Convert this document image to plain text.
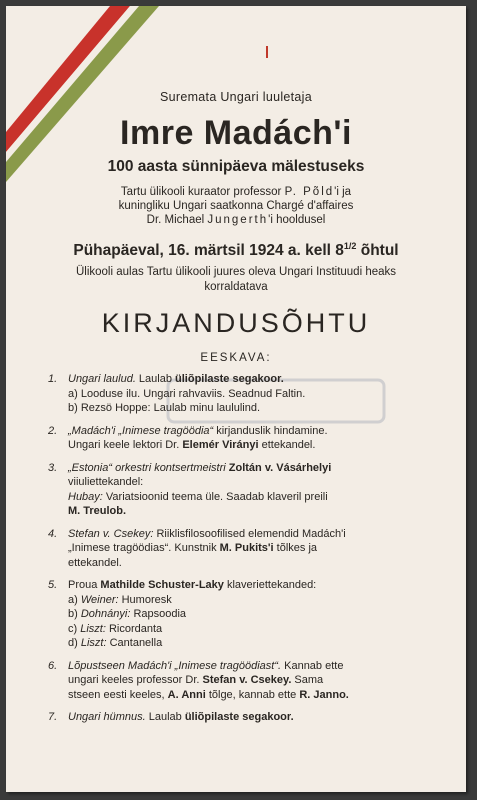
Suremata Ungari luuletaja
Imre Madách'i
100 aasta sünnipäeva mälestuseks
Tartu ülikooli kuraator professor P. Põld'i ja
kuningliku Ungari saatkonna Chargé d'affaires
Dr. Michael Jungerth'i hooldusel
Pühapäeval, 16. märtsil 1924 a. kell $8^{1/2}$ õhtul
Ülikooli aulas Tartu ülikooli juures oleva Ungari Instituudi heaks
korraldatava
KIRJANDUSÕHTU
EESKAVA:
1. Ungari laulud. Laulab üliõpilaste segakoor.
a) Looduse ilu. Ungari rahvaviis. Seadnud Faltin.
b) Rezsö Hoppe: Laulab minu laululind.
2. „Madách'i „Inimese tragöödia“ kirjanduslik hindamine.
Ungari keele lektori Dr. Elemér Virányi ettekandel.
3. „Estonia“ orkestri kontsertmeistri Zoltán v. Vásárhelyi
viiuliettekandel:
Hubay: Variatsioonid teema üle. Saadab klaveril preili
M. Treulob.
4. Stefan v. Csekey: Riiklisfilosoofilised elemendid Madách'i
„Inimese tragöödias“. Kunstnik M. Pukits'i tõlkes ja
ettekandel.
5. Proua Mathilde Schuster-Laky klaveriettekanded:
a) Weiner: Humoresk
b) Dohnányi: Rapsoodia
c) Liszt: Ricordanta
d) Liszt: Cantanella
6. Lõpustseen Madách'i „Inimese tragöödiast“. Kannab ette
ungari keeles professor Dr. Stefan v. Csekey. Sama
stseen eesti keeles, A. Anni tõlge, kannab ette R. Janno.
7. Ungari hümnus. Laulab üliõpilaste segakoor.
